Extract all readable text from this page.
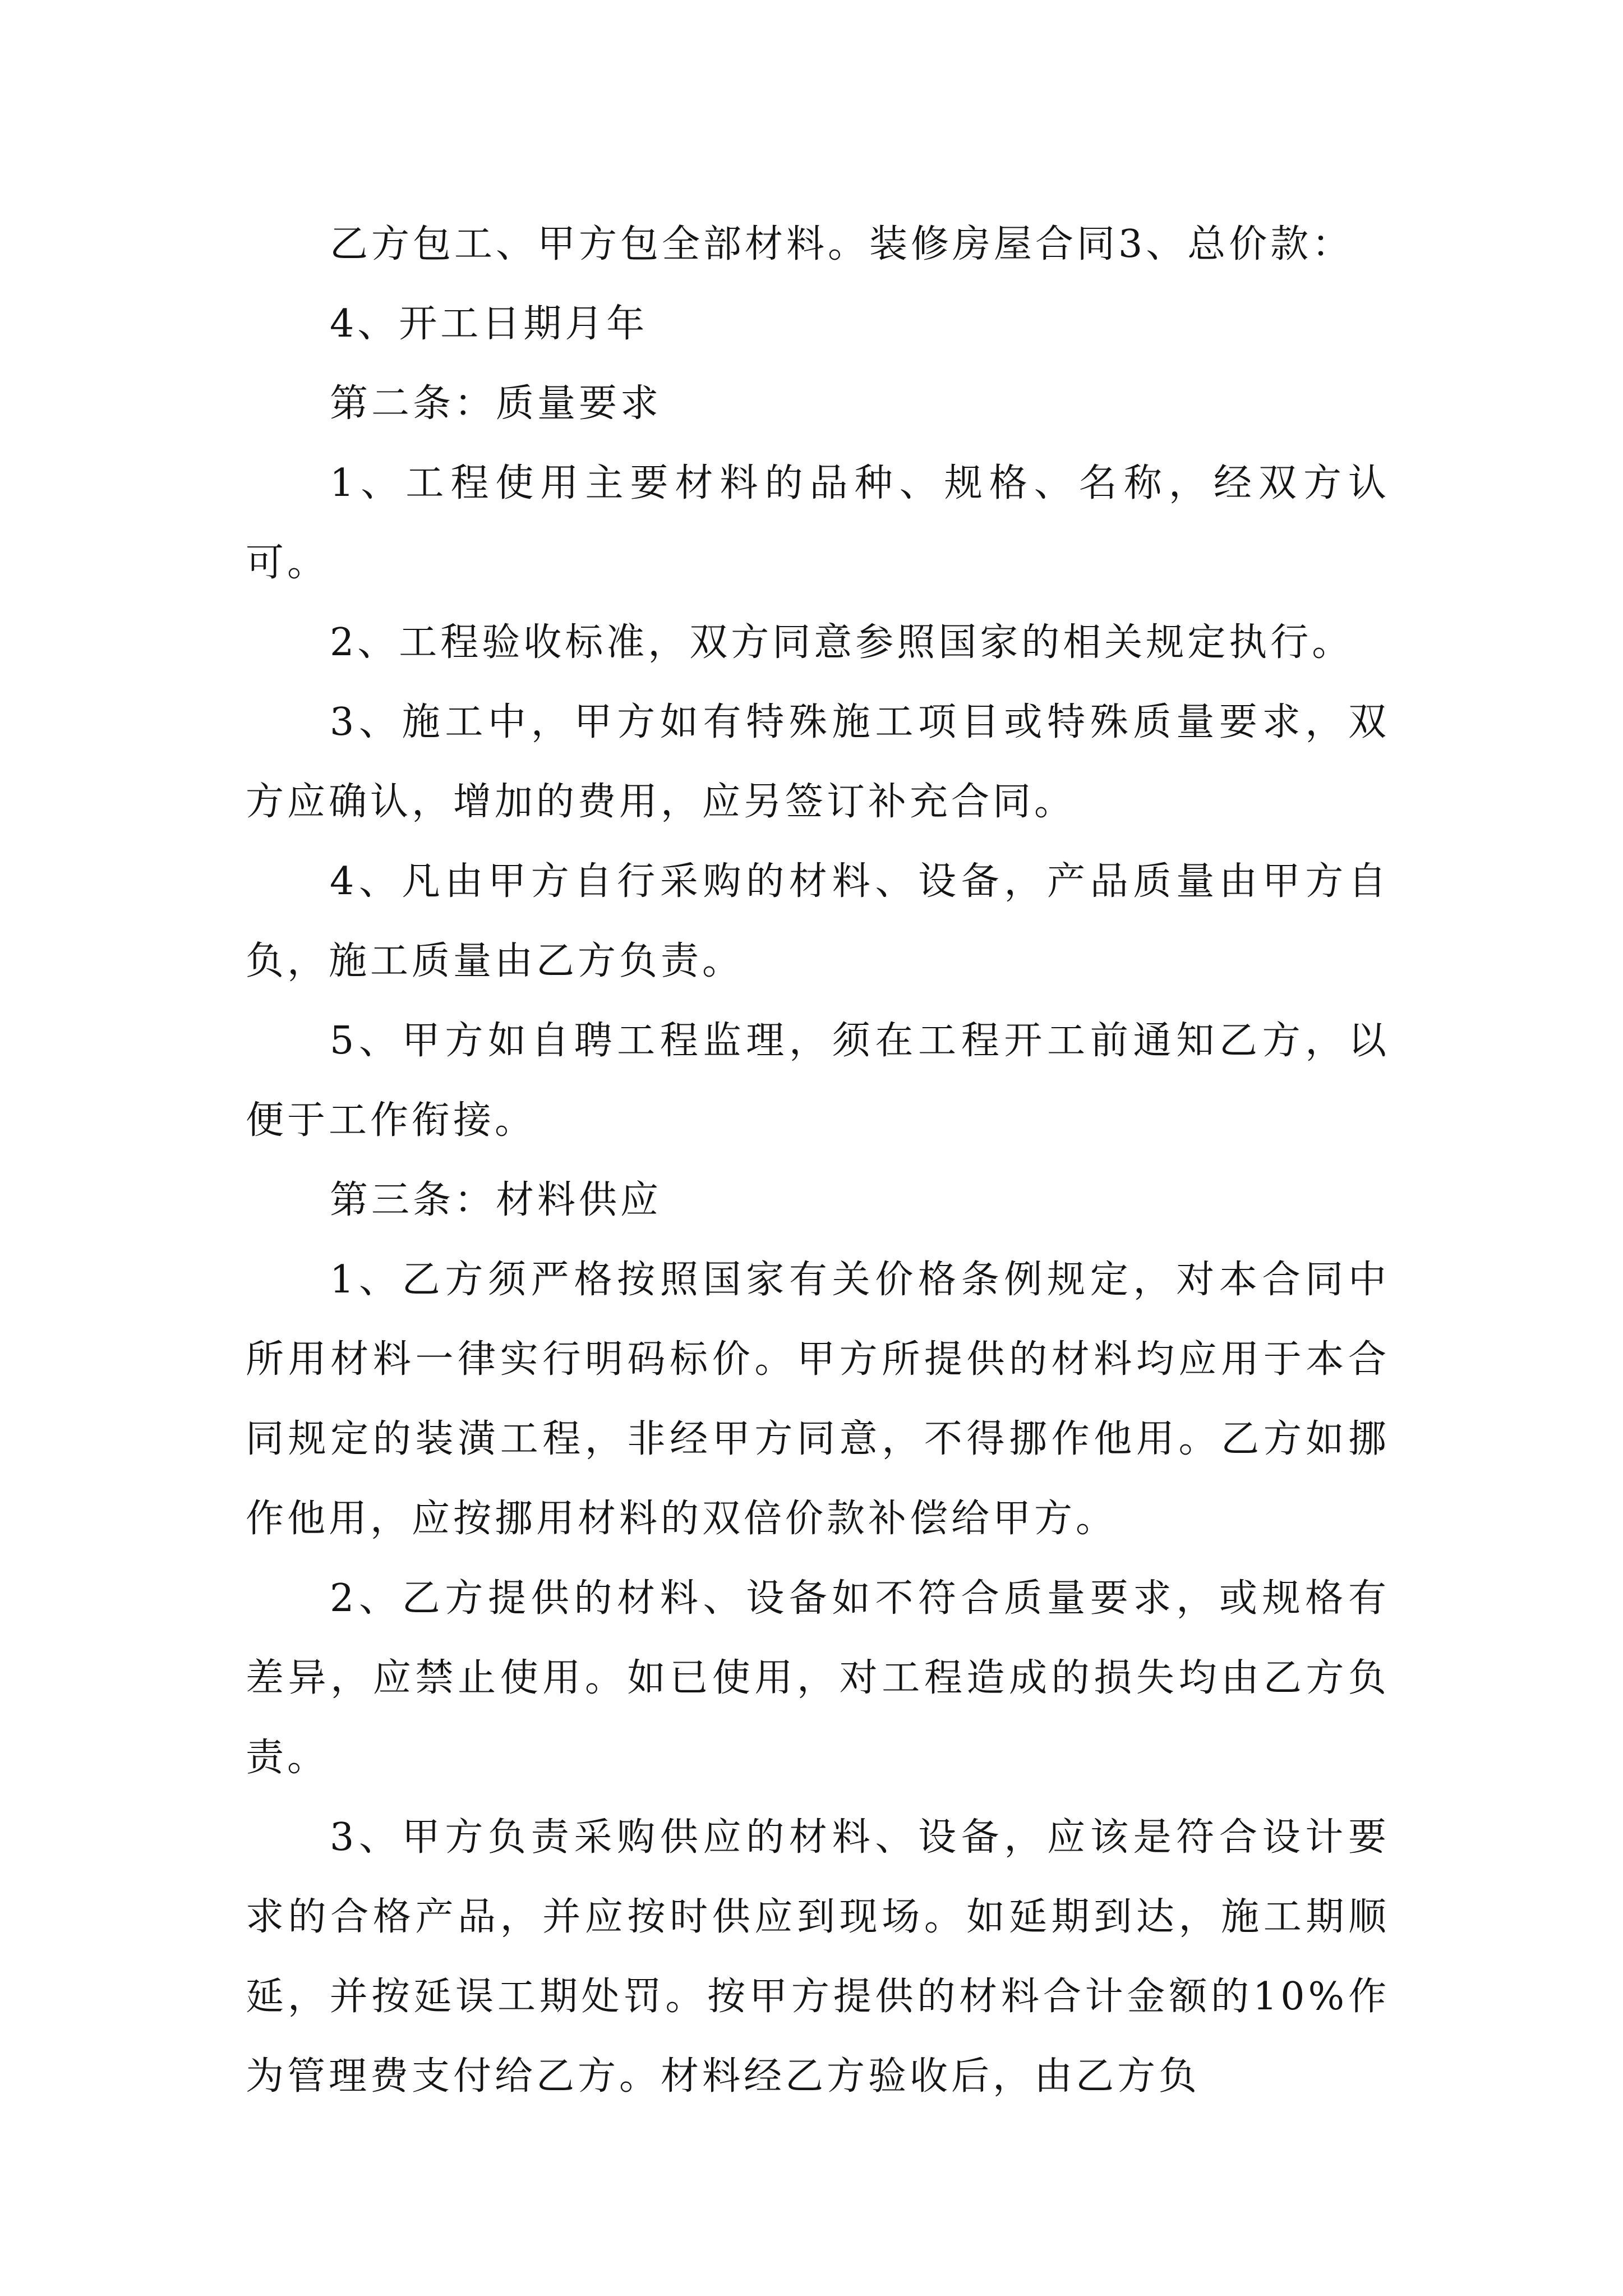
乙方包工、甲方包全部材料。装修房屋合同3、总价款：

4、开工日期月年

第二条：质量要求

1、工程使用主要材料的品种、规格、名称，经双方认可。

2、工程验收标准，双方同意参照国家的相关规定执行。

3、施工中，甲方如有特殊施工项目或特殊质量要求，双方应确认，增加的费用，应另签订补充合同。

4、凡由甲方自行采购的材料、设备，产品质量由甲方自负，施工质量由乙方负责。

5、甲方如自聘工程监理，须在工程开工前通知乙方，以便于工作衔接。

第三条：材料供应

1、乙方须严格按照国家有关价格条例规定，对本合同中所用材料一律实行明码标价。甲方所提供的材料均应用于本合同规定的装潢工程，非经甲方同意，不得挪作他用。乙方如挪作他用，应按挪用材料的双倍价款补偿给甲方。

2、乙方提供的材料、设备如不符合质量要求，或规格有差异，应禁止使用。如已使用，对工程造成的损失均由乙方负责。

3、甲方负责采购供应的材料、设备，应该是符合设计要求的合格产品，并应按时供应到现场。如延期到达，施工期顺延，并按延误工期处罚。按甲方提供的材料合计金额的10%作为管理费支付给乙方。材料经乙方验收后，由乙方负
